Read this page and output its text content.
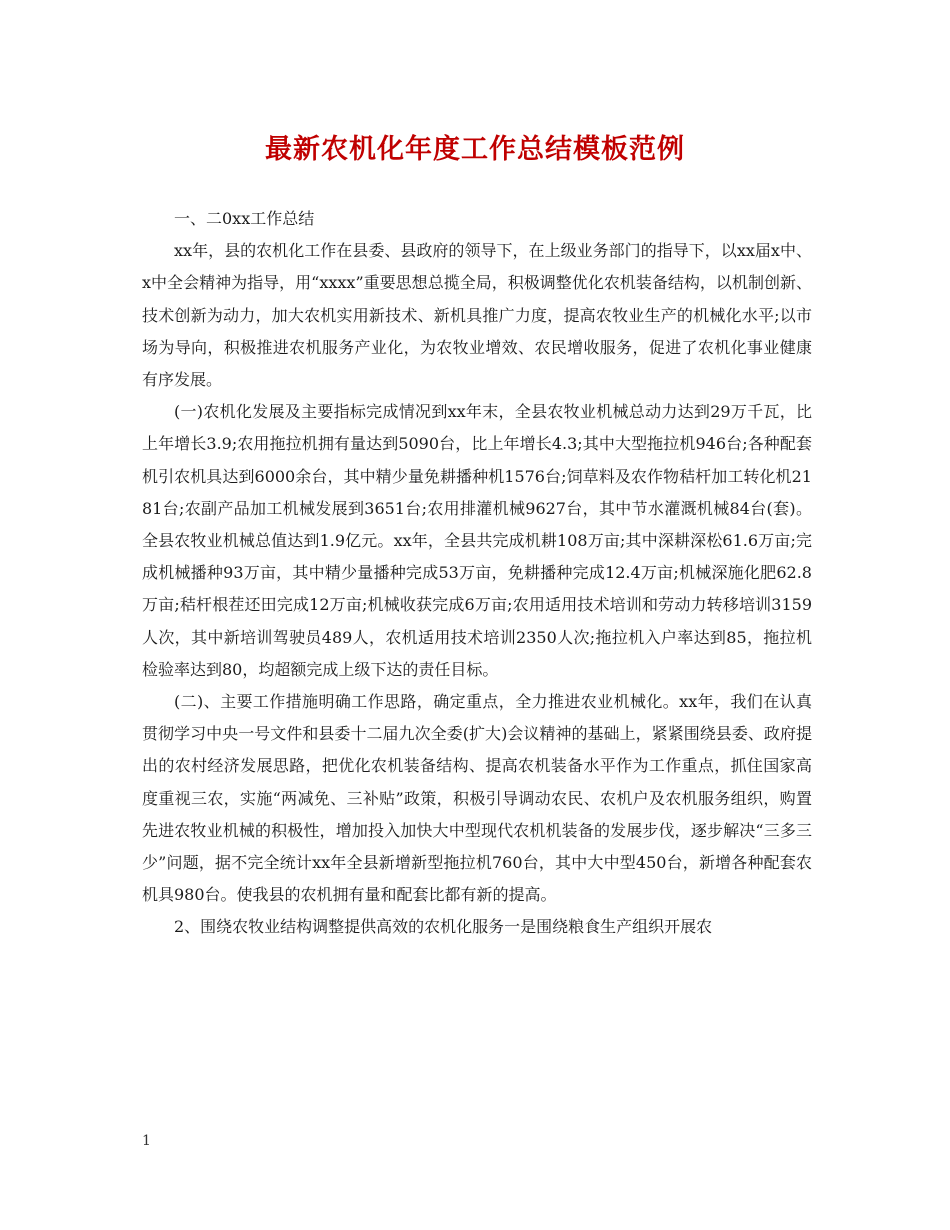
最新农机化年度工作总结模板范例

一、二0xx工作总结

xx年，县的农机化工作在县委、县政府的领导下，在上级业务部门的指导下，以xx届x中、x中全会精神为指导，用“xxxx”重要思想总揽全局，积极调整优化农机装备结构，以机制创新、技术创新为动力，加大农机实用新技术、新机具推广力度，提高农牧业生产的机械化水平;以市场为导向，积极推进农机服务产业化，为农牧业增效、农民增收服务，促进了农机化事业健康有序发展。

(一)农机化发展及主要指标完成情况到xx年末，全县农牧业机械总动力达到29万千瓦，比上年增长3.9;农用拖拉机拥有量达到5090台，比上年增长4.3;其中大型拖拉机946台;各种配套机引农机具达到6000余台，其中精少量免耕播种机1576台;饲草料及农作物秸杆加工转化机2181台;农副产品加工机械发展到3651台;农用排灌机械9627台，其中节水灌溉机械84台(套)。全县农牧业机械总值达到1.9亿元。xx年，全县共完成机耕108万亩;其中深耕深松61.6万亩;完成机械播种93万亩，其中精少量播种完成53万亩，免耕播种完成12.4万亩;机械深施化肥62.8万亩;秸杆根茬还田完成12万亩;机械收获完成6万亩;农用适用技术培训和劳动力转移培训3159人次，其中新培训驾驶员489人，农机适用技术培训2350人次;拖拉机入户率达到85，拖拉机检验率达到80，均超额完成上级下达的责任目标。

(二)、主要工作措施明确工作思路，确定重点，全力推进农业机械化。xx年，我们在认真贯彻学习中央一号文件和县委十二届九次全委(扩大)会议精神的基础上，紧紧围绕县委、政府提出的农村经济发展思路，把优化农机装备结构、提高农机装备水平作为工作重点，抓住国家高度重视三农，实施“两减免、三补贴”政策，积极引导调动农民、农机户及农机服务组织，购置先进农牧业机械的积极性，增加投入加快大中型现代农机机装备的发展步伐，逐步解决“三多三少”问题，据不完全统计xx年全县新增新型拖拉机760台，其中大中型450台，新增各种配套农机具980台。使我县的农机拥有量和配套比都有新的提高。

2、围绕农牧业结构调整提供高效的农机化服务一是围绕粮食生产组织开展农

1
